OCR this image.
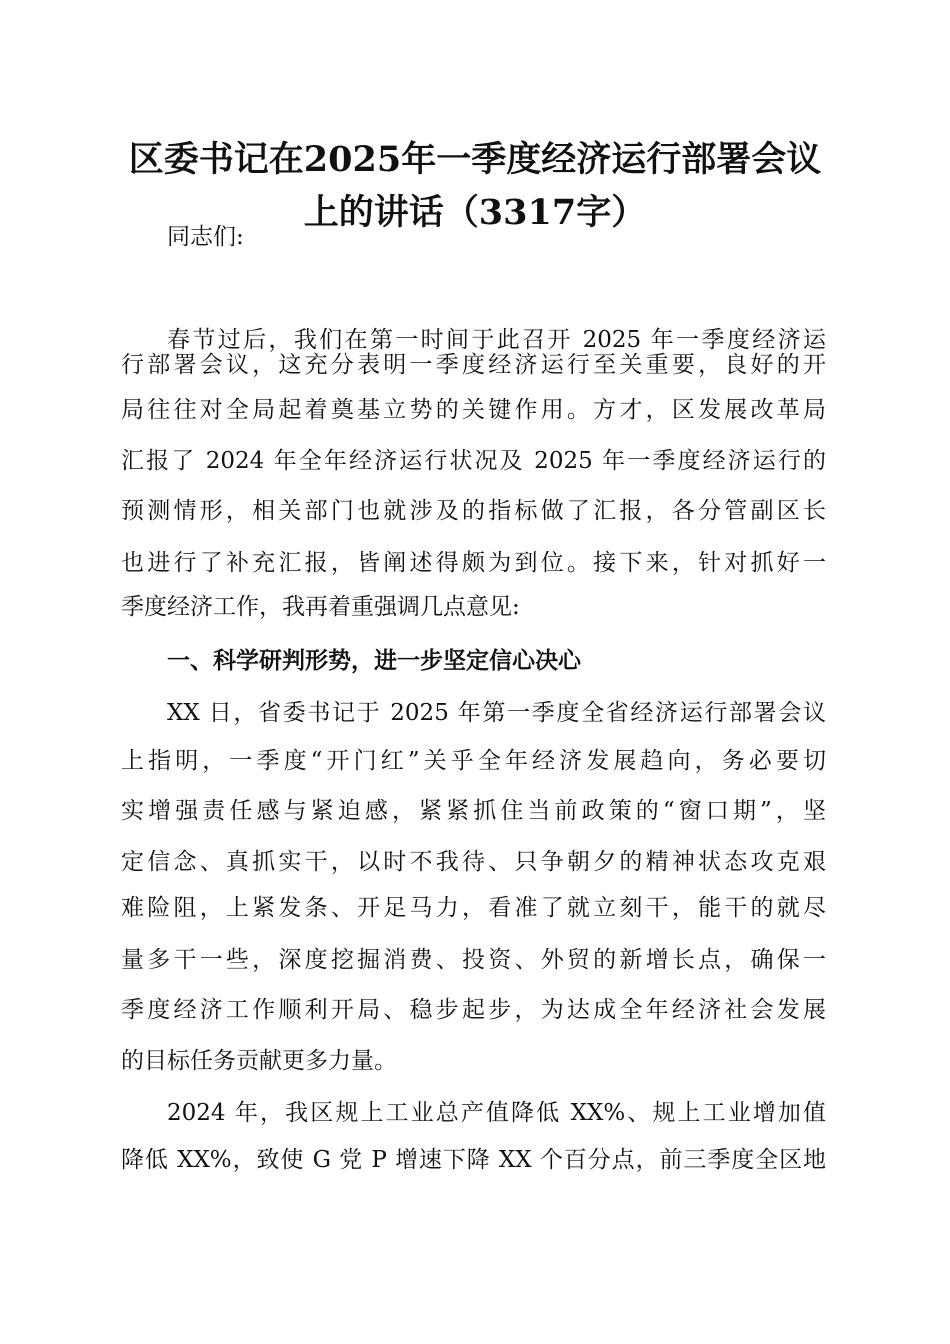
区委书记在2025年一季度经济运行部署会议
上的讲话（3317字）
同志们:
春节过后，我们在第一时间于此召开 2025 年一季度经济运
行部署会议，这充分表明一季度经济运行至关重要，良好的开
局往往对全局起着奠基立势的关键作用。方才，区发展改革局
汇报了 2024 年全年经济运行状况及 2025 年一季度经济运行的
预测情形，相关部门也就涉及的指标做了汇报，各分管副区长
也进行了补充汇报，皆阐述得颇为到位。接下来，针对抓好一
季度经济工作，我再着重强调几点意见:
一、科学研判形势，进一步坚定信心决心
XX 日，省委书记于 2025 年第一季度全省经济运行部署会议
上指明，一季度“开门红”关乎全年经济发展趋向，务必要切
实增强责任感与紧迫感，紧紧抓住当前政策的“窗口期”，坚
定信念、真抓实干，以时不我待、只争朝夕的精神状态攻克艰
难险阻，上紧发条、开足马力，看准了就立刻干，能干的就尽
量多干一些，深度挖掘消费、投资、外贸的新增长点，确保一
季度经济工作顺利开局、稳步起步，为达成全年经济社会发展
的目标任务贡献更多力量。
2024 年，我区规上工业总产值降低 XX%、规上工业增加值
降低 XX%，致使 G 党 P 增速下降 XX 个百分点，前三季度全区地
